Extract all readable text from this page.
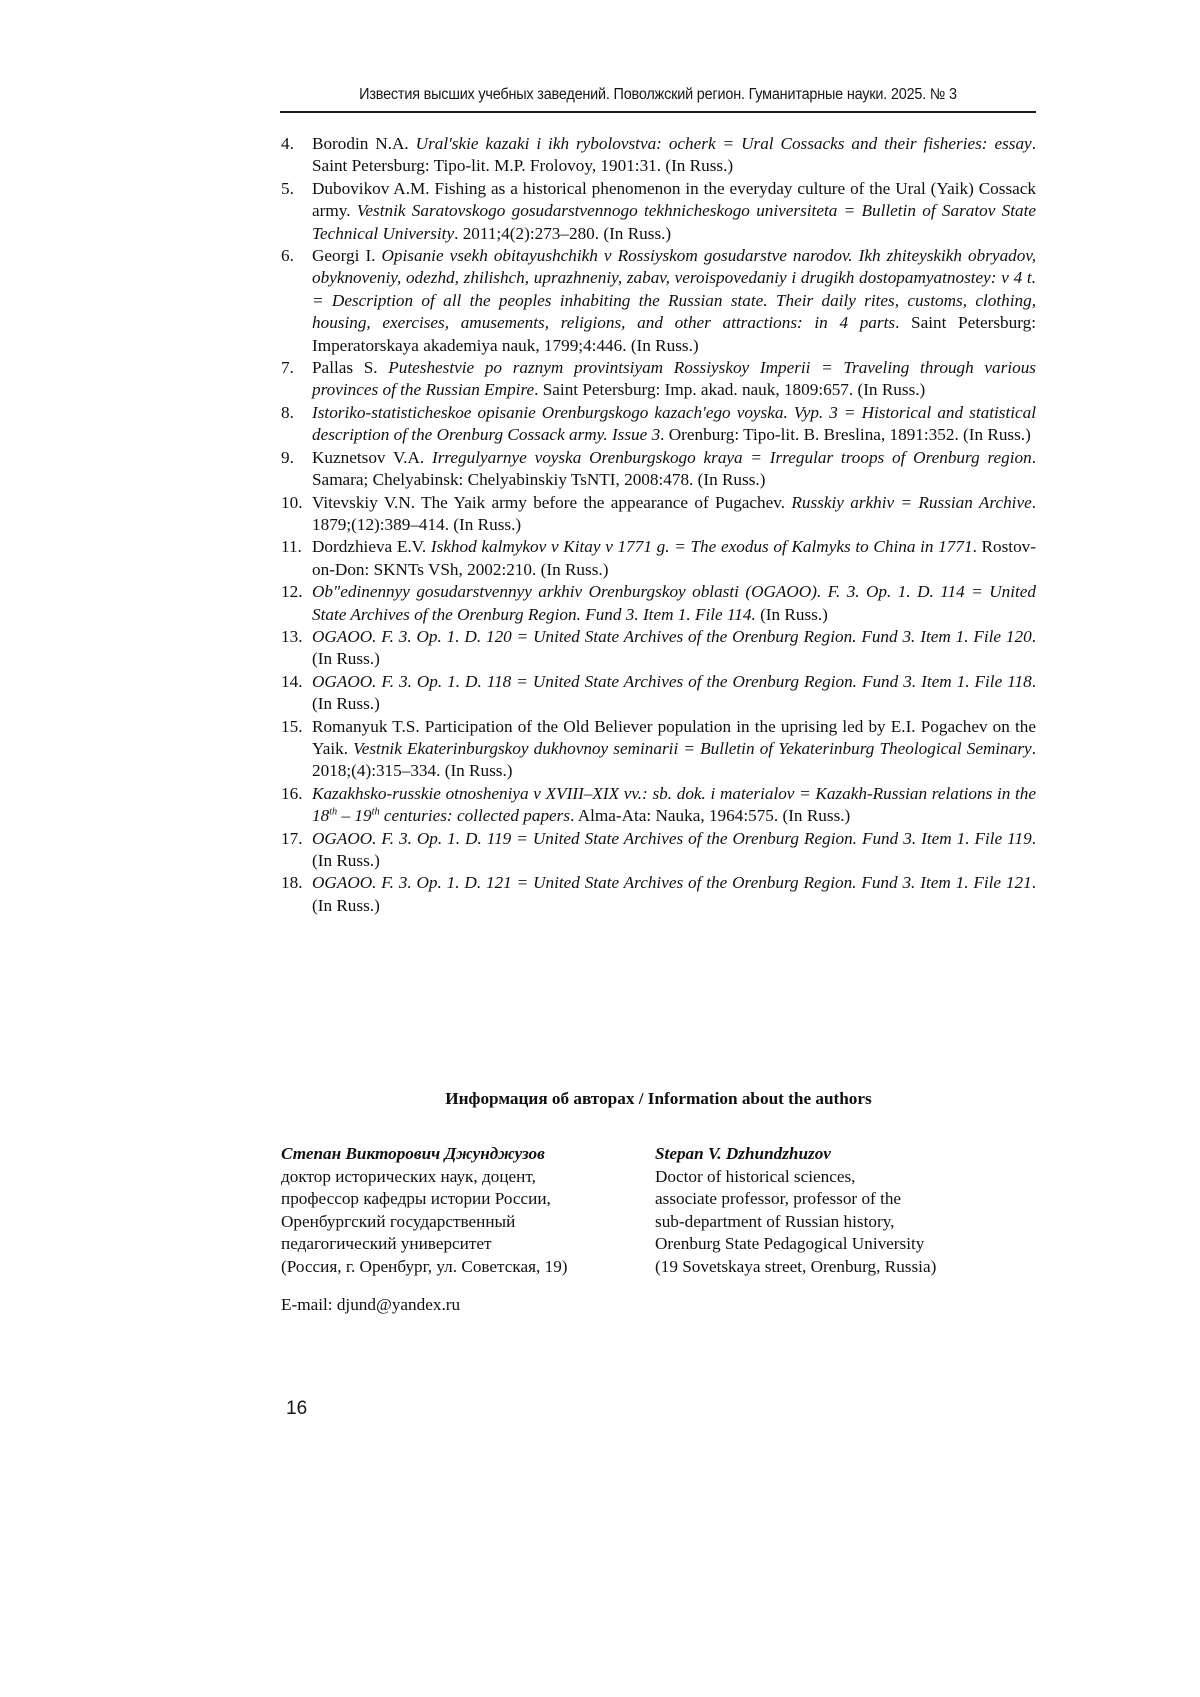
Известия высших учебных заведений. Поволжский регион. Гуманитарные науки. 2025. № 3
4. Borodin N.A. Ural'skie kazaki i ikh rybolovstva: ocherk = Ural Cossacks and their fisheries: essay. Saint Petersburg: Tipo-lit. M.P. Frolovoy, 1901:31. (In Russ.)
5. Dubovikov A.M. Fishing as a historical phenomenon in the everyday culture of the Ural (Yaik) Cossack army. Vestnik Saratovskogo gosudarstvennogo tekhnicheskogo universiteta = Bulletin of Saratov State Technical University. 2011;4(2):273–280. (In Russ.)
6. Georgi I. Opisanie vsekh obitayushchikh v Rossiyskom gosudarstve narodov. Ikh zhiteyskikh obryadov, obyknoveniy, odezhd, zhilishch, uprazhneniy, zabav, veroispovedaniy i drugikh dostopamyatnostey: v 4 t. = Description of all the peoples inhabiting the Russian state. Their daily rites, customs, clothing, housing, exercises, amusements, religions, and other attractions: in 4 parts. Saint Petersburg: Imperatorskaya akademiya nauk, 1799;4:446. (In Russ.)
7. Pallas S. Puteshestvie po raznym provintsiyam Rossiyskoy Imperii = Traveling through various provinces of the Russian Empire. Saint Petersburg: Imp. akad. nauk, 1809:657. (In Russ.)
8. Istoriko-statisticheskoe opisanie Orenburgskogo kazach'ego voyska. Vyp. 3 = Historical and statistical description of the Orenburg Cossack army. Issue 3. Orenburg: Tipo-lit. B. Breslina, 1891:352. (In Russ.)
9. Kuznetsov V.A. Irregulyarnye voyska Orenburgskogo kraya = Irregular troops of Orenburg region. Samara; Chelyabinsk: Chelyabinskiy TsNTI, 2008:478. (In Russ.)
10. Vitevskiy V.N. The Yaik army before the appearance of Pugachev. Russkiy arkhiv = Russian Archive. 1879;(12):389–414. (In Russ.)
11. Dordzhieva E.V. Iskhod kalmykov v Kitay v 1771 g. = The exodus of Kalmyks to China in 1771. Rostov-on-Don: SKNTs VSh, 2002:210. (In Russ.)
12. Ob"edinennyy gosudarstvennyy arkhiv Orenburgskoy oblasti (OGAOO). F. 3. Op. 1. D. 114 = United State Archives of the Orenburg Region. Fund 3. Item 1. File 114. (In Russ.)
13. OGAOO. F. 3. Op. 1. D. 120 = United State Archives of the Orenburg Region. Fund 3. Item 1. File 120. (In Russ.)
14. OGAOO. F. 3. Op. 1. D. 118 = United State Archives of the Orenburg Region. Fund 3. Item 1. File 118. (In Russ.)
15. Romanyuk T.S. Participation of the Old Believer population in the uprising led by E.I. Pogachev on the Yaik. Vestnik Ekaterinburgskoy dukhovnoy seminarii = Bulletin of Yekaterinburg Theological Seminary. 2018;(4):315–334. (In Russ.)
16. Kazakhsko-russkie otnosheniya v XVIII–XIX vv.: sb. dok. i materialov = Kazakh-Russian relations in the 18th – 19th centuries: collected papers. Alma-Ata: Nauka, 1964:575. (In Russ.)
17. OGAOO. F. 3. Op. 1. D. 119 = United State Archives of the Orenburg Region. Fund 3. Item 1. File 119. (In Russ.)
18. OGAOO. F. 3. Op. 1. D. 121 = United State Archives of the Orenburg Region. Fund 3. Item 1. File 121. (In Russ.)
Информация об авторах / Information about the authors
Степан Викторович Джунджузов
доктор исторических наук, доцент,
профессор кафедры истории России,
Оренбургский государственный
педагогический университет
(Россия, г. Оренбург, ул. Советская, 19)
Stepan V. Dzhundzhuzov
Doctor of historical sciences,
associate professor, professor of the
sub-department of Russian history,
Orenburg State Pedagogical University
(19 Sovetskaya street, Orenburg, Russia)
E-mail: djund@yandex.ru
16
